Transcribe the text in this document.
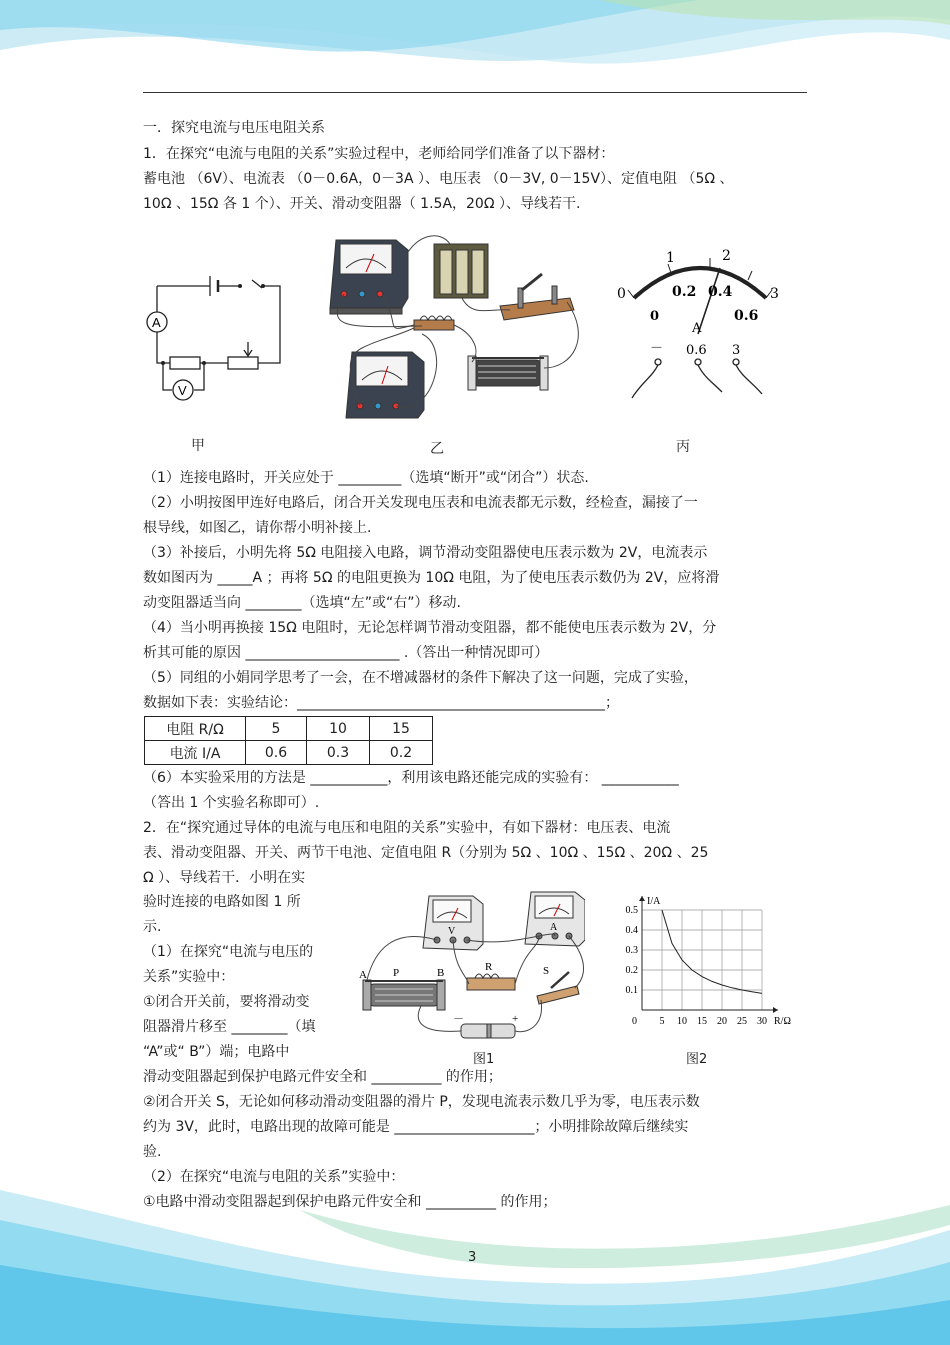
一．探究电流与电压电阻关系
1．在探究“电流与电阻的关系”实验过程中，老师给同学们准备了以下器材：
蓄电池 （6V）、电流表 （0－0.6A，0－3A ）、电压表 （0－3V, 0－15V）、定值电阻 （5Ω 、
10Ω 、15Ω 各 1 个）、开关、滑动变阻器（ 1.5A，20Ω ）、导线若干.
A
V
甲	乙
0
1	2
3
0
0.2 0.4
0.6
A
－ 0.6 3
丙
（1）连接电路时，开关应处于 _________（选填“断开”或“闭合”）状态.
（2）小明按图甲连好电路后，闭合开关发现电压表和电流表都无示数，经检查，漏接了一
根导线，如图乙，请你帮小明补接上.
（3）补接后，小明先将 5Ω 电阻接入电路，调节滑动变阻器使电压表示数为 2V，电流表示
数如图丙为 _____A ；再将 5Ω 的电阻更换为 10Ω 电阻，为了使电压表示数仍为 2V，应将滑
动变阻器适当向 ________（选填“左”或“右”）移动.
（4）当小明再换接 15Ω 电阻时，无论怎样调节滑动变阻器，都不能使电压表示数为 2V，分
析其可能的原因 ______________________ .（答出一种情况即可）
（5）同组的小娟同学思考了一会，在不增减器材的条件下解决了这一问题，完成了实验，
数据如下表：实验结论：____________________________________________；
电阻 R/Ω	5	10	15
电流 I/A	0.6	0.3	0.2
（6）本实验采用的方法是 ___________，利用该电路还能完成的实验有： ___________
（答出 1 个实验名称即可）.
2．在“探究通过导体的电流与电压和电阻的关系”实验中，有如下器材：电压表、电流
表、滑动变阻器、开关、两节干电池、定值电阻 R（分别为 5Ω 、10Ω 、15Ω 、20Ω 、25
Ω ）、导线若干．小明在实
验时连接的电路如图 1 所
示.
（1）在探究“电流与电压的
关系”实验中：
①闭合开关前，要将滑动变
阻器滑片移至 ________（填
“A”或“ B”）端；电路中
A P	B	R	S
V	A
－	+
图1
I/A
R/Ω
0 5 10 15 20 25 30
0.1
0.2
0.3
0.4
0.5
图2
滑动变阻器起到保护电路元件安全和 __________ 的作用；
②闭合开关 S，无论如何移动滑动变阻器的滑片 P，发现电流表示数几乎为零，电压表示数
约为 3V，此时，电路出现的故障可能是 ____________________；小明排除故障后继续实
验.
（2）在探究“电流与电阻的关系”实验中：
①电路中滑动变阻器起到保护电路元件安全和 __________ 的作用；
3
